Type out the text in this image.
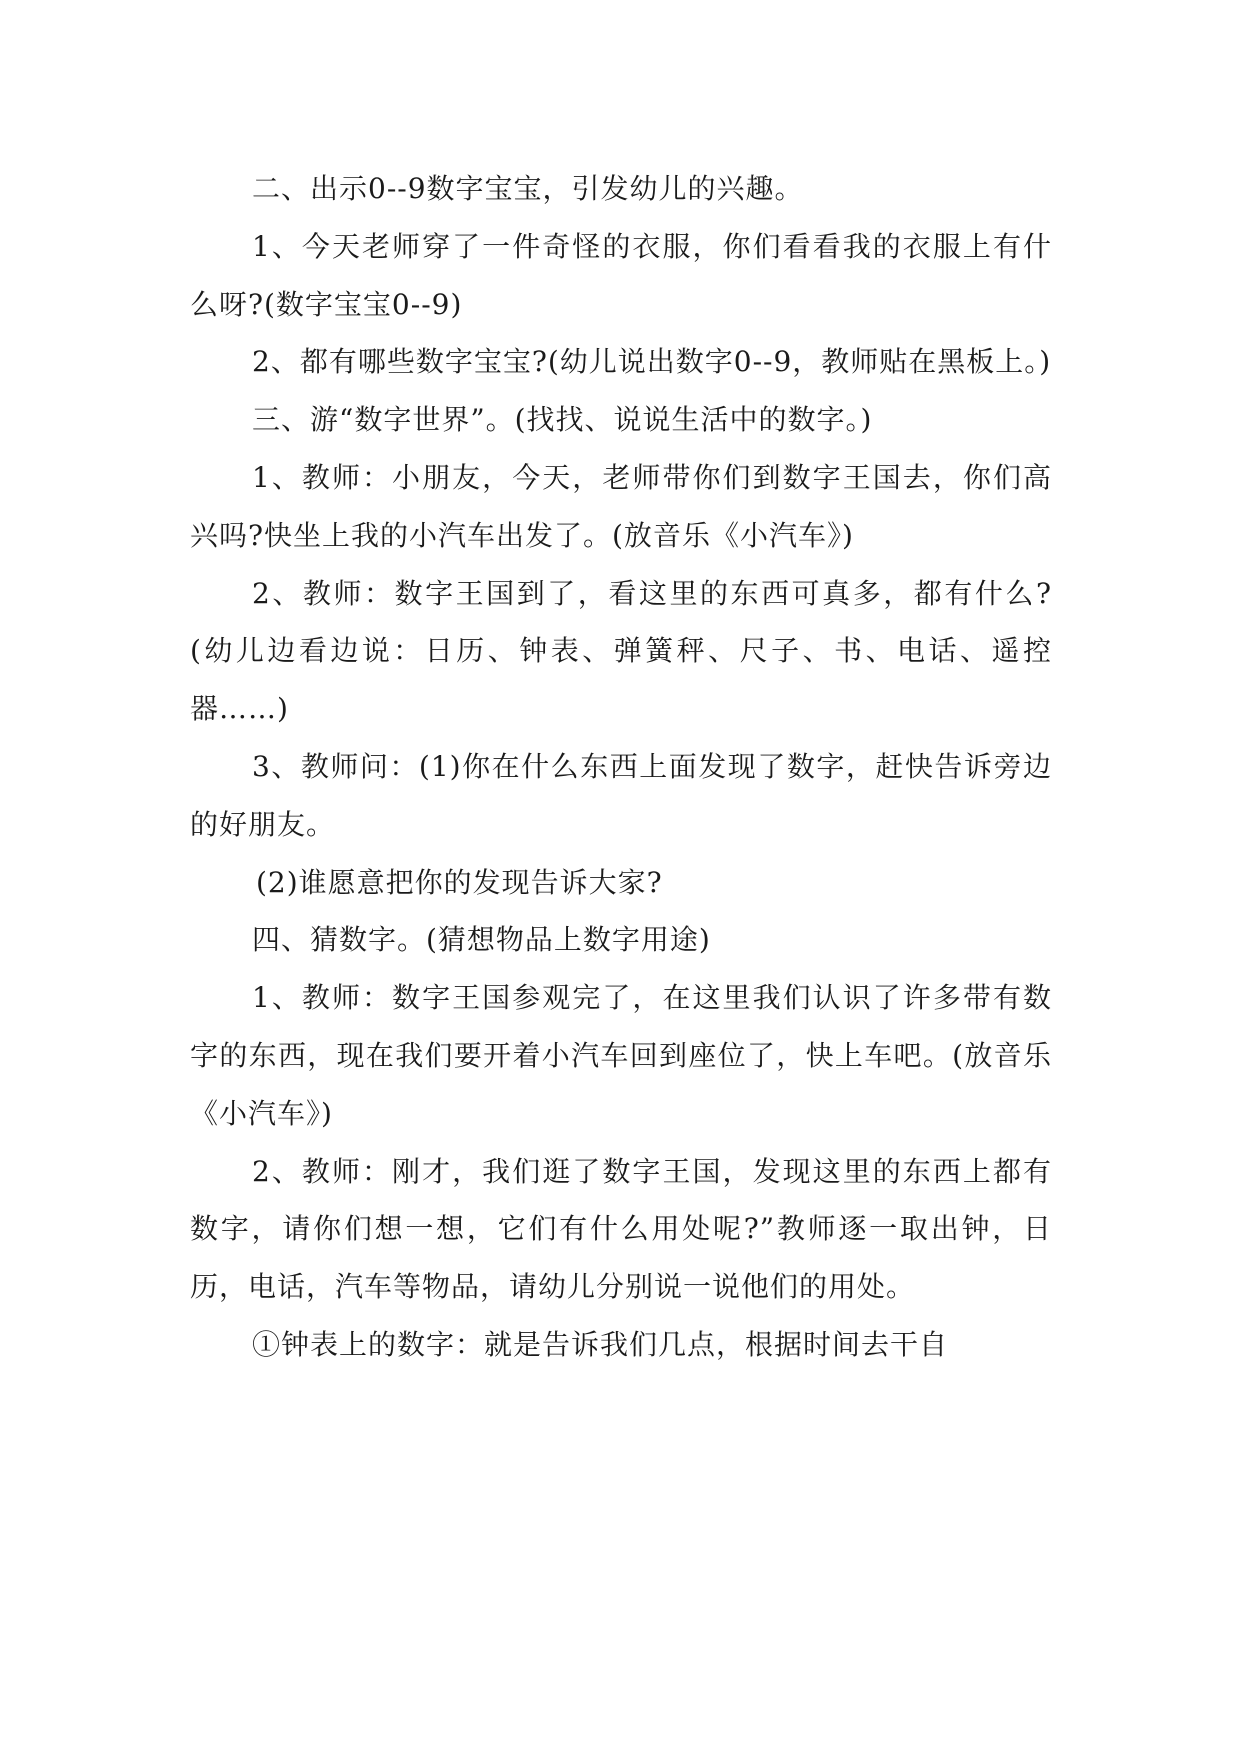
二、出示0--9数字宝宝，引发幼儿的兴趣。

1、今天老师穿了一件奇怪的衣服，你们看看我的衣服上有什么呀?(数字宝宝0--9)

2、都有哪些数字宝宝?(幼儿说出数字0--9，教师贴在黑板上。)

三、游“数字世界”。(找找、说说生活中的数字。)

1、教师：小朋友，今天，老师带你们到数字王国去，你们高兴吗?快坐上我的小汽车出发了。(放音乐《小汽车》)

2、教师：数字王国到了，看这里的东西可真多，都有什么?(幼儿边看边说：日历、钟表、弹簧秤、尺子、书、电话、遥控器……)

3、教师问：(1)你在什么东西上面发现了数字，赶快告诉旁边的好朋友。

(2)谁愿意把你的发现告诉大家?

四、猜数字。(猜想物品上数字用途)

1、教师：数字王国参观完了，在这里我们认识了许多带有数字的东西，现在我们要开着小汽车回到座位了，快上车吧。(放音乐《小汽车》)

2、教师：刚才，我们逛了数字王国，发现这里的东西上都有数字，请你们想一想，它们有什么用处呢?”教师逐一取出钟，日历，电话，汽车等物品，请幼儿分别说一说他们的用处。

①钟表上的数字：就是告诉我们几点，根据时间去干自
